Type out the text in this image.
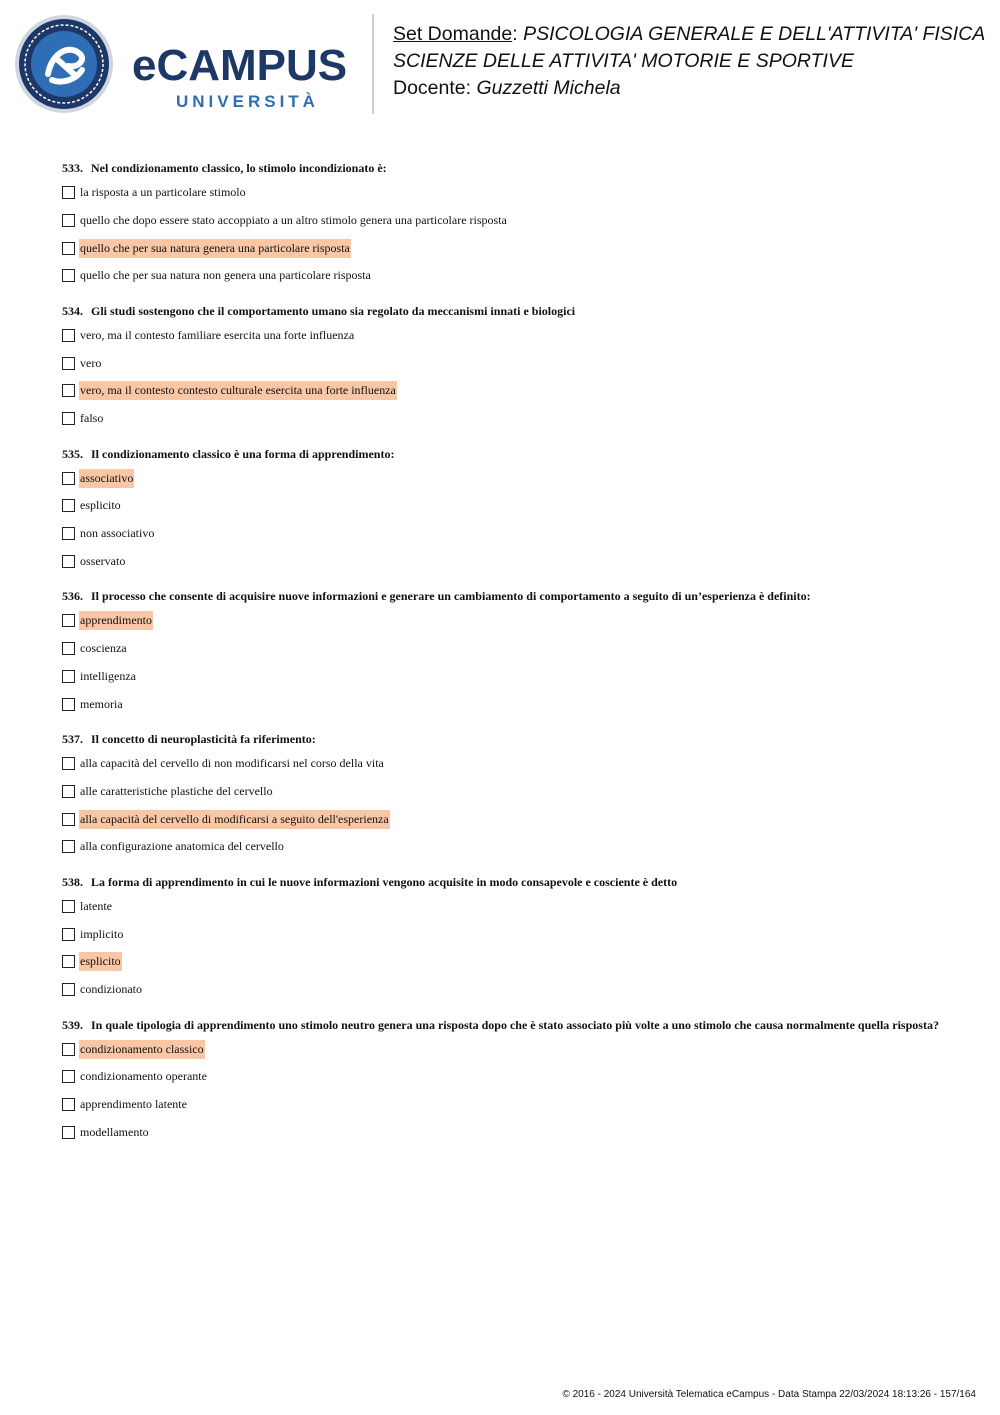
eCAMPUS
UNIVERSITÀ
Set Domande: PSICOLOGIA GENERALE E DELL'ATTIVITA' FISICA
SCIENZE DELLE ATTIVITA' MOTORIE E SPORTIVE
Docente: Guzzetti Michela
533. Nel condizionamento classico, lo stimolo incondizionato è:
la risposta a un particolare stimolo
quello che dopo essere stato accoppiato a un altro stimolo genera una particolare risposta
quello che per sua natura genera una particolare risposta
quello che per sua natura non genera una particolare risposta
534. Gli studi sostengono che il comportamento umano sia regolato da meccanismi innati e biologici
vero, ma il contesto familiare esercita una forte influenza
vero
vero, ma il contesto contesto culturale esercita una forte influenza
falso
535. Il condizionamento classico è una forma di apprendimento:
associativo
esplicito
non associativo
osservato
536. Il processo che consente di acquisire nuove informazioni e generare un cambiamento di comportamento a seguito di un’esperienza è definito:
apprendimento
coscienza
intelligenza
memoria
537. Il concetto di neuroplasticità fa riferimento:
alla capacità del cervello di non modificarsi nel corso della vita
alle caratteristiche plastiche del cervello
alla capacità del cervello di modificarsi a seguito dell'esperienza
alla configurazione anatomica del cervello
538. La forma di apprendimento in cui le nuove informazioni vengono acquisite in modo consapevole e cosciente è detto
latente
implicito
esplicito
condizionato
539. In quale tipologia di apprendimento uno stimolo neutro genera una risposta dopo che è stato associato più volte a uno stimolo che causa normalmente quella risposta?
condizionamento classico
condizionamento operante
apprendimento latente
modellamento
© 2016 - 2024 Università Telematica eCampus - Data Stampa 22/03/2024 18:13:26 - 157/164
